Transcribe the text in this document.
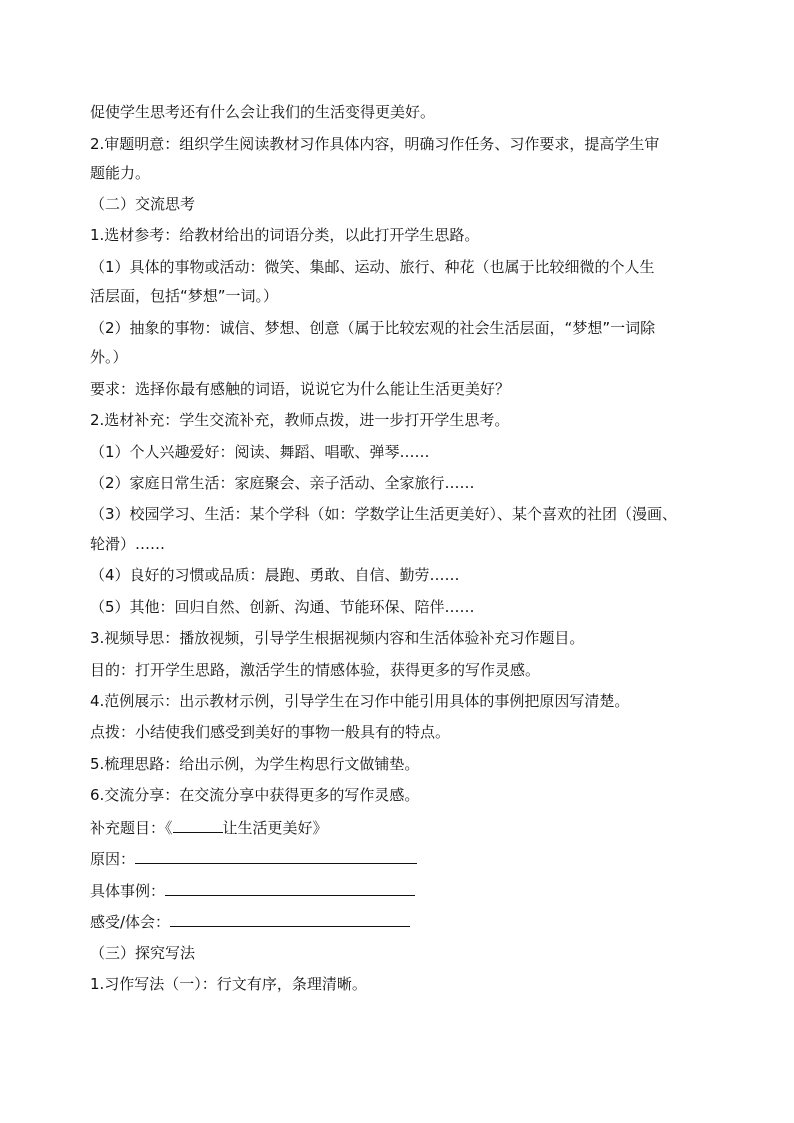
促使学生思考还有什么会让我们的生活变得更美好。
2.审题明意：组织学生阅读教材习作具体内容，明确习作任务、习作要求，提高学生审
题能力。
（二）交流思考
1.选材参考：给教材给出的词语分类，以此打开学生思路。
（1）具体的事物或活动：微笑、集邮、运动、旅行、种花（也属于比较细微的个人生
活层面，包括“梦想”一词。）
（2）抽象的事物：诚信、梦想、创意（属于比较宏观的社会生活层面，“梦想”一词除
外。）
要求：选择你最有感触的词语，说说它为什么能让生活更美好？
2.选材补充：学生交流补充，教师点拨，进一步打开学生思考。
（1）个人兴趣爱好：阅读、舞蹈、唱歌、弹琴……
（2）家庭日常生活：家庭聚会、亲子活动、全家旅行……
（3）校园学习、生活：某个学科（如：学数学让生活更美好）、某个喜欢的社团（漫画、
轮滑）……
（4）良好的习惯或品质：晨跑、勇敢、自信、勤劳……
（5）其他：回归自然、创新、沟通、节能环保、陪伴……
3.视频导思：播放视频，引导学生根据视频内容和生活体验补充习作题目。
目的：打开学生思路，激活学生的情感体验，获得更多的写作灵感。
4.范例展示：出示教材示例，引导学生在习作中能引用具体的事例把原因写清楚。
点拨：小结使我们感受到美好的事物一般具有的特点。
5.梳理思路：给出示例，为学生构思行文做铺垫。
6.交流分享：在交流分享中获得更多的写作灵感。
补充题目：《	让生活更美好》
原因：
具体事例：
感受/体会：
（三）探究写法
1.习作写法（一）：行文有序，条理清晰。
